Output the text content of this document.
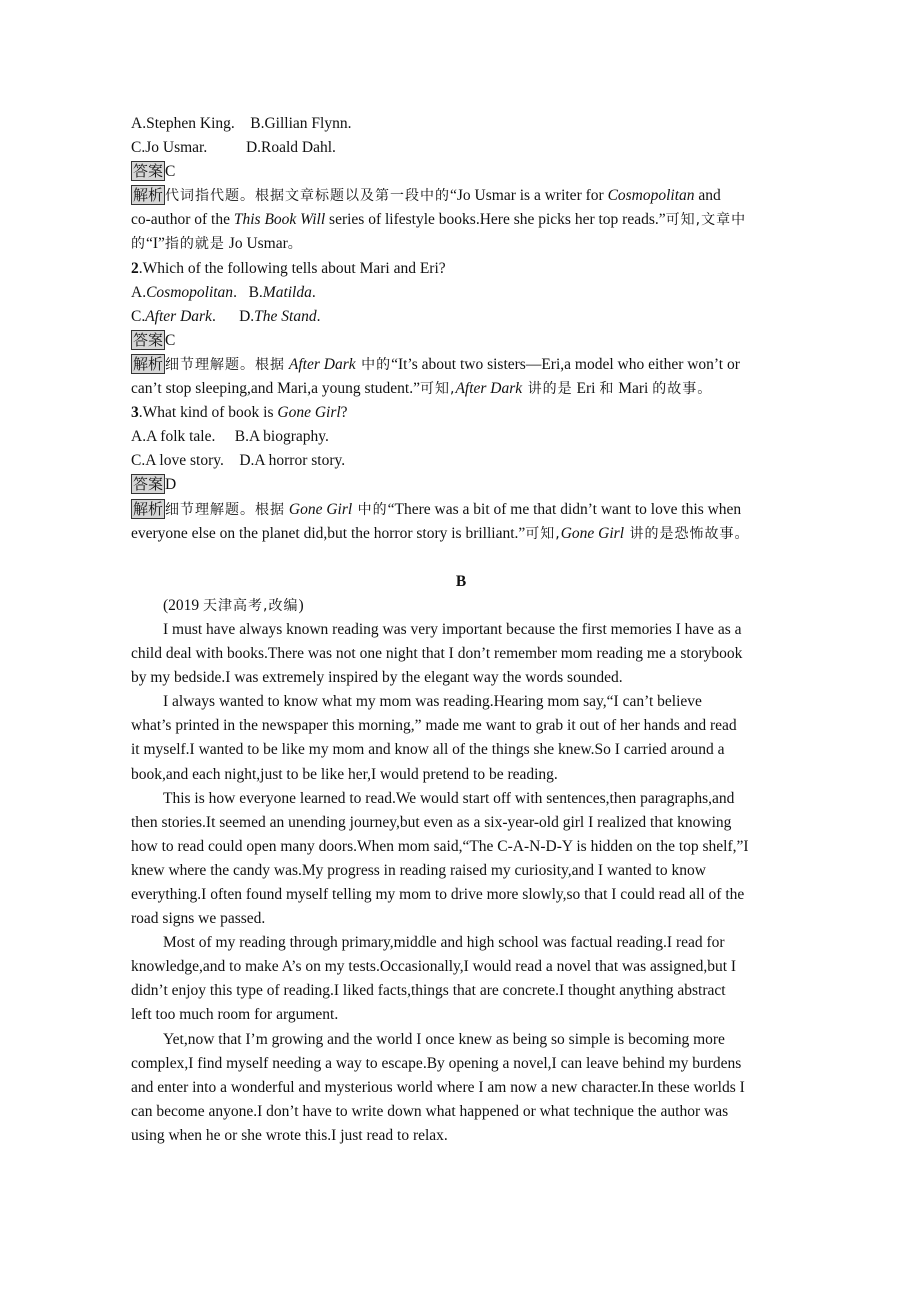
A.Stephen King.    B.Gillian Flynn.
C.Jo Usmar.          D.Roald Dahl.
答案 C
解析 代词指代题。根据文章标题以及第一段中的“Jo Usmar is a writer for Cosmopolitan and
co-author of the This Book Will series of lifestyle books.Here she picks her top reads.”可知,文章中
的“I”指的就是 Jo Usmar。
2.Which of the following tells about Mari and Eri?
A.Cosmopolitan.   B.Matilda.
C.After Dark.      D.The Stand.
答案 C
解析 细节理解题。根据 After Dark 中的“It’s about two sisters—Eri,a model who either won’t or
can’t stop sleeping,and Mari,a young student.”可知,After Dark 讲的是 Eri 和 Mari 的故事。
3.What kind of book is Gone Girl?
A.A folk tale.     B.A biography.
C.A love story.    D.A horror story.
答案 D
解析 细节理解题。根据 Gone Girl 中的“There was a bit of me that didn’t want to love this when
everyone else on the planet did,but the horror story is brilliant.”可知,Gone Girl 讲的是恐怖故事。
B
(2019 天津高考,改编)
I must have always known reading was very important because the first memories I have as a
child deal with books.There was not one night that I don’t remember mom reading me a storybook
by my bedside.I was extremely inspired by the elegant way the words sounded.
I always wanted to know what my mom was reading.Hearing mom say,“I can’t believe
what’s printed in the newspaper this morning,” made me want to grab it out of her hands and read
it myself.I wanted to be like my mom and know all of the things she knew.So I carried around a
book,and each night,just to be like her,I would pretend to be reading.
This is how everyone learned to read.We would start off with sentences,then paragraphs,and
then stories.It seemed an unending journey,but even as a six-year-old girl I realized that knowing
how to read could open many doors.When mom said,“The C-A-N-D-Y is hidden on the top shelf,”I
knew where the candy was.My progress in reading raised my curiosity,and I wanted to know
everything.I often found myself telling my mom to drive more slowly,so that I could read all of the
road signs we passed.
Most of my reading through primary,middle and high school was factual reading.I read for
knowledge,and to make A’s on my tests.Occasionally,I would read a novel that was assigned,but I
didn’t enjoy this type of reading.I liked facts,things that are concrete.I thought anything abstract
left too much room for argument.
Yet,now that I’m growing and the world I once knew as being so simple is becoming more
complex,I find myself needing a way to escape.By opening a novel,I can leave behind my burdens
and enter into a wonderful and mysterious world where I am now a new character.In these worlds I
can become anyone.I don’t have to write down what happened or what technique the author was
using when he or she wrote this.I just read to relax.
